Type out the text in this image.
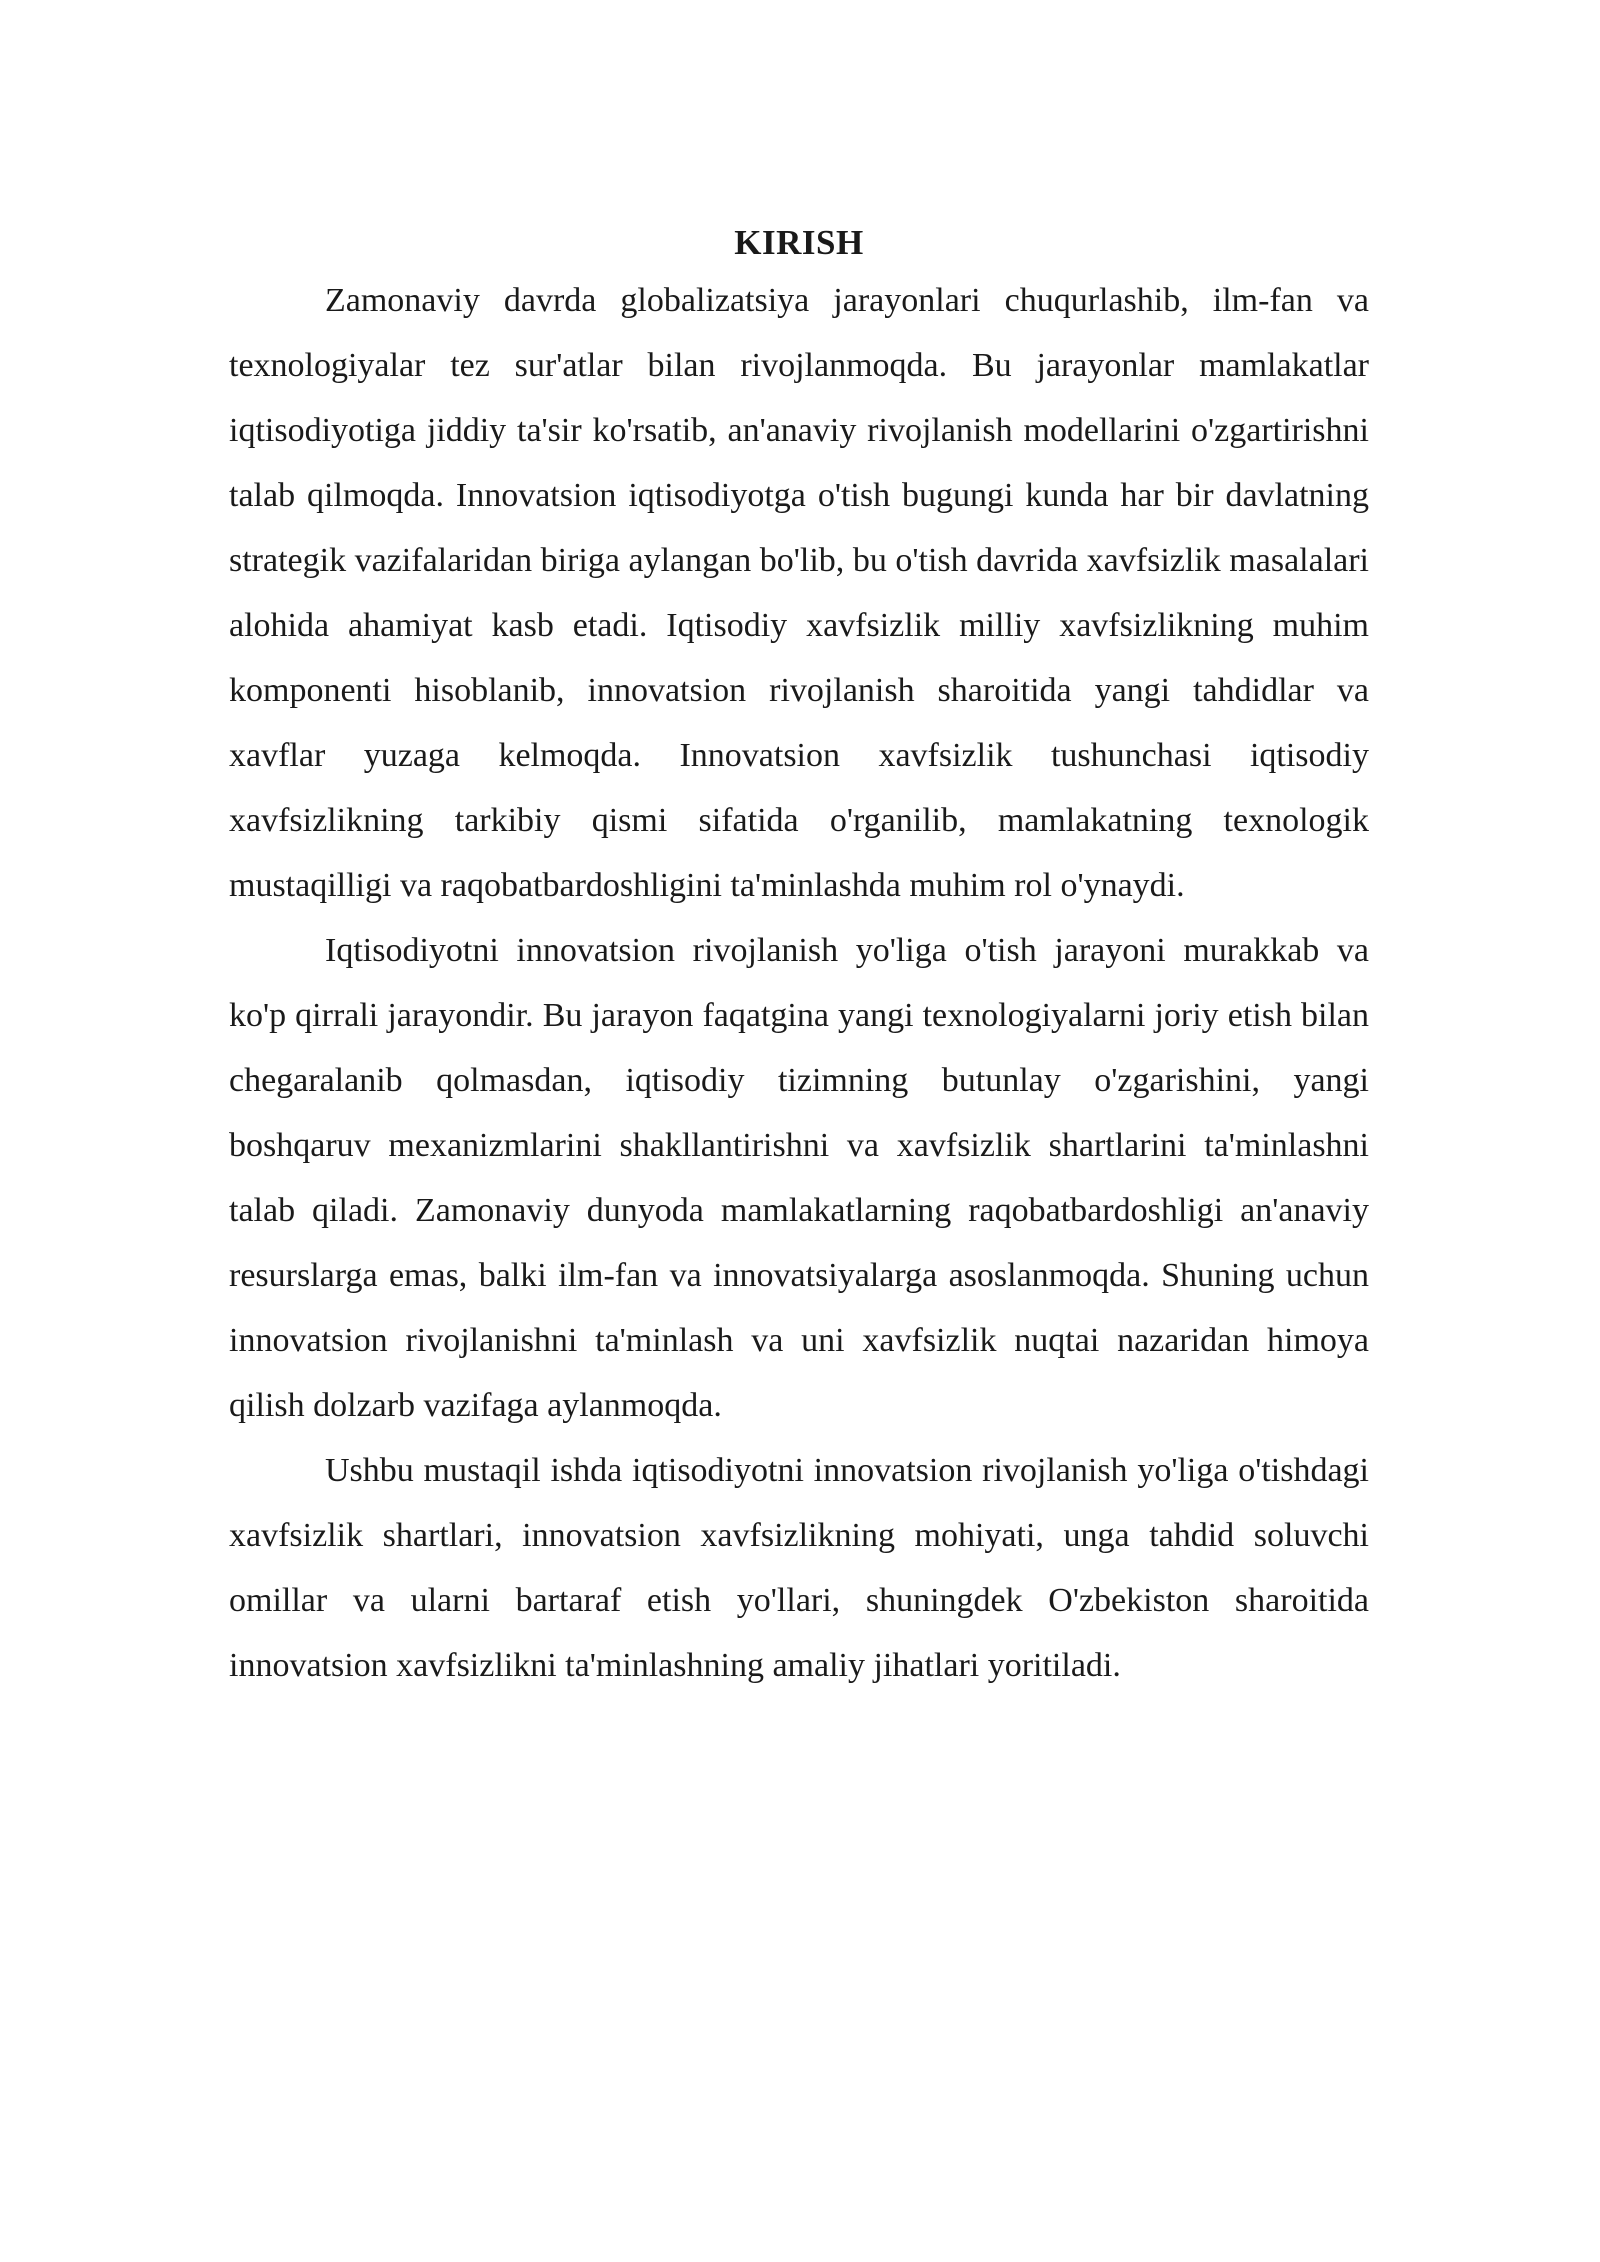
KIRISH

Zamonaviy davrda globalizatsiya jarayonlari chuqurlashib, ilm-fan va texnologiyalar tez sur'atlar bilan rivojlanmoqda. Bu jarayonlar mamlakatlar iqtisodiyotiga jiddiy ta'sir ko'rsatib, an'anaviy rivojlanish modellarini o'zgartirishni talab qilmoqda. Innovatsion iqtisodiyotga o'tish bugungi kunda har bir davlatning strategik vazifalaridan biriga aylangan bo'lib, bu o'tish davrida xavfsizlik masalalari alohida ahamiyat kasb etadi. Iqtisodiy xavfsizlik milliy xavfsizlikning muhim komponenti hisoblanib, innovatsion rivojlanish sharoitida yangi tahdidlar va xavflar yuzaga kelmoqda. Innovatsion xavfsizlik tushunchasi iqtisodiy xavfsizlikning tarkibiy qismi sifatida o'rganilib, mamlakatning texnologik mustaqilligi va raqobatbardoshligini ta'minlashda muhim rol o'ynaydi.

Iqtisodiyotni innovatsion rivojlanish yo'liga o'tish jarayoni murakkab va ko'p qirrali jarayondir. Bu jarayon faqatgina yangi texnologiyalarni joriy etish bilan chegaralanib qolmasdan, iqtisodiy tizimning butunlay o'zgarishini, yangi boshqaruv mexanizmlarini shakllantirishni va xavfsizlik shartlarini ta'minlashni talab qiladi. Zamonaviy dunyoda mamlakatlarning raqobatbardoshligi an'anaviy resurslarga emas, balki ilm-fan va innovatsiyalarga asoslanmoqda. Shuning uchun innovatsion rivojlanishni ta'minlash va uni xavfsizlik nuqtai nazaridan himoya qilish dolzarb vazifaga aylanmoqda.

Ushbu mustaqil ishda iqtisodiyotni innovatsion rivojlanish yo'liga o'tishdagi xavfsizlik shartlari, innovatsion xavfsizlikning mohiyati, unga tahdid soluvchi omillar va ularni bartaraf etish yo'llari, shuningdek O'zbekiston sharoitida innovatsion xavfsizlikni ta'minlashning amaliy jihatlari yoritiladi.
